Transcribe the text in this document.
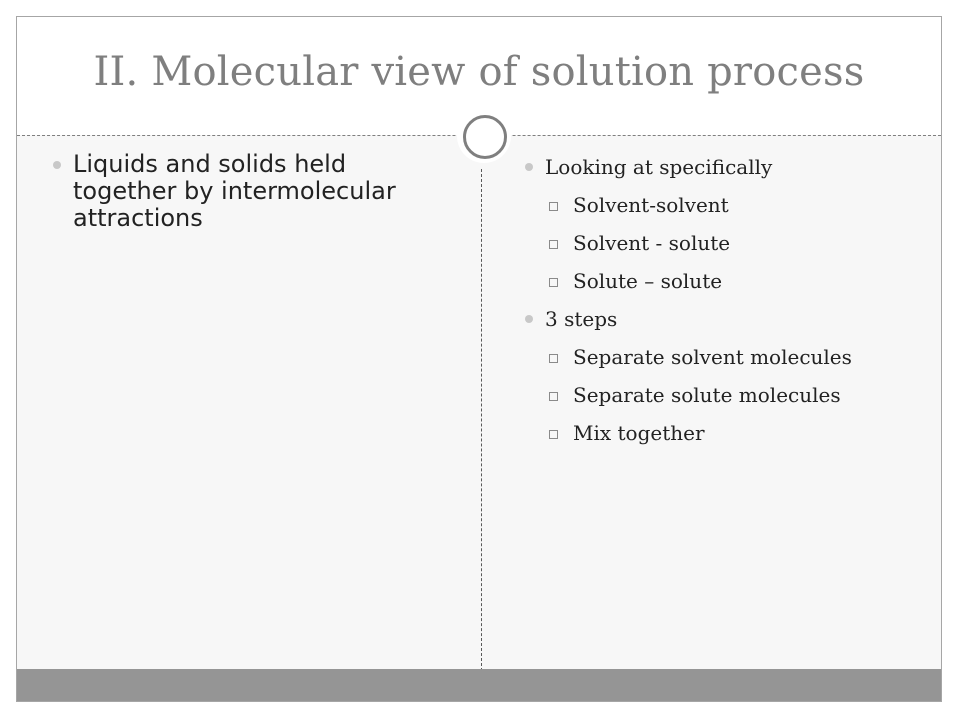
II. Molecular view of solution process
Liquids and solids held together by intermolecular attractions
Looking at specifically
Solvent-solvent
Solvent - solute
Solute – solute
3 steps
Separate solvent molecules
Separate solute molecules
Mix together
